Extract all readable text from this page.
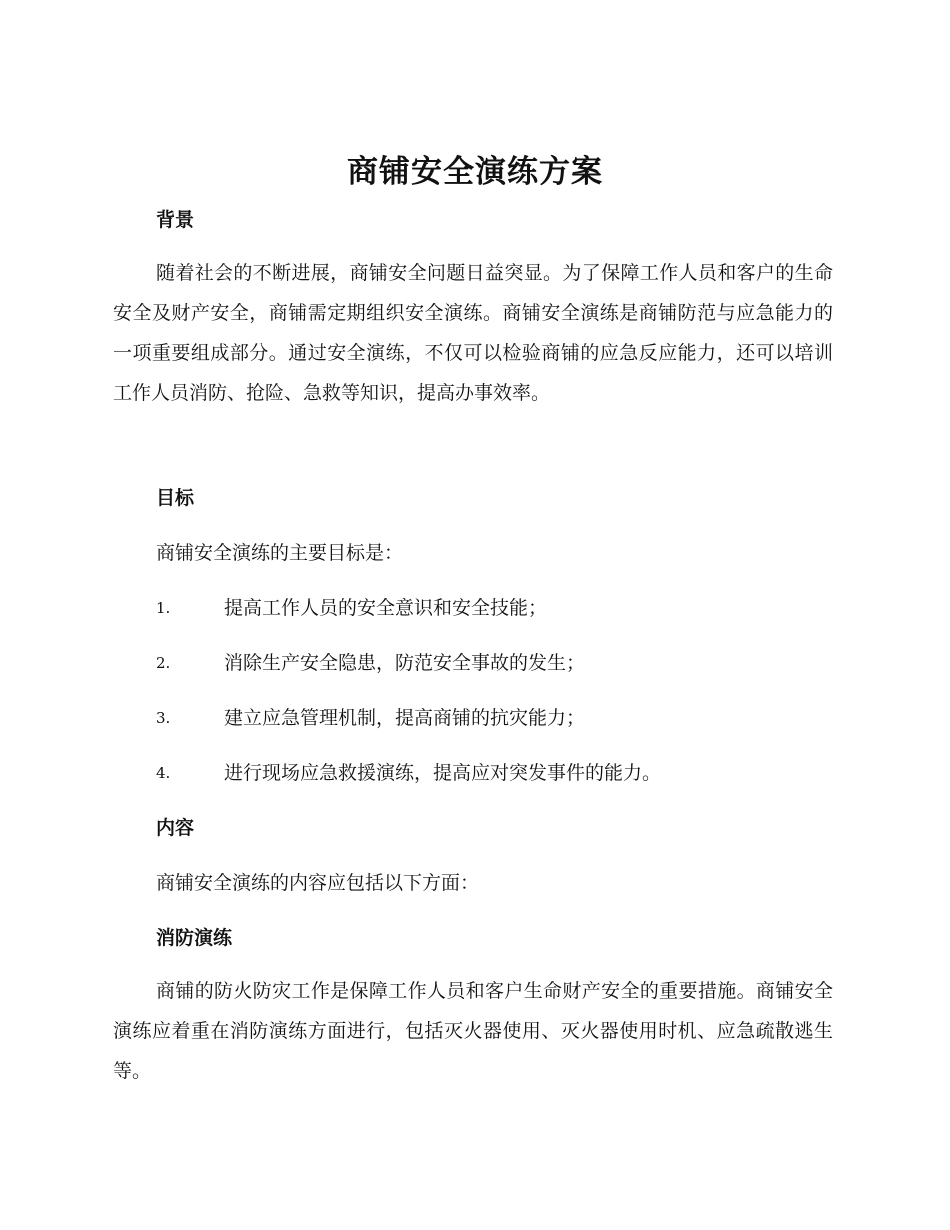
商铺安全演练方案
背景

随着社会的不断进展，商铺安全问题日益突显。为了保障工作人员和客户的生命安全及财产安全，商铺需定期组织安全演练。商铺安全演练是商铺防范与应急能力的一项重要组成部分。通过安全演练，不仅可以检验商铺的应急反应能力，还可以培训工作人员消防、抢险、急救等知识，提高办事效率。

目标
商铺安全演练的主要目标是：
1.	提高工作人员的安全意识和安全技能；
2.	消除生产安全隐患，防范安全事故的发生；
3.	建立应急管理机制，提高商铺的抗灾能力；
4.	进行现场应急救援演练，提高应对突发事件的能力。
内容
商铺安全演练的内容应包括以下方面：
消防演练

商铺的防火防灾工作是保障工作人员和客户生命财产安全的重要措施。商铺安全演练应着重在消防演练方面进行，包括灭火器使用、灭火器使用时机、应急疏散逃生等。
